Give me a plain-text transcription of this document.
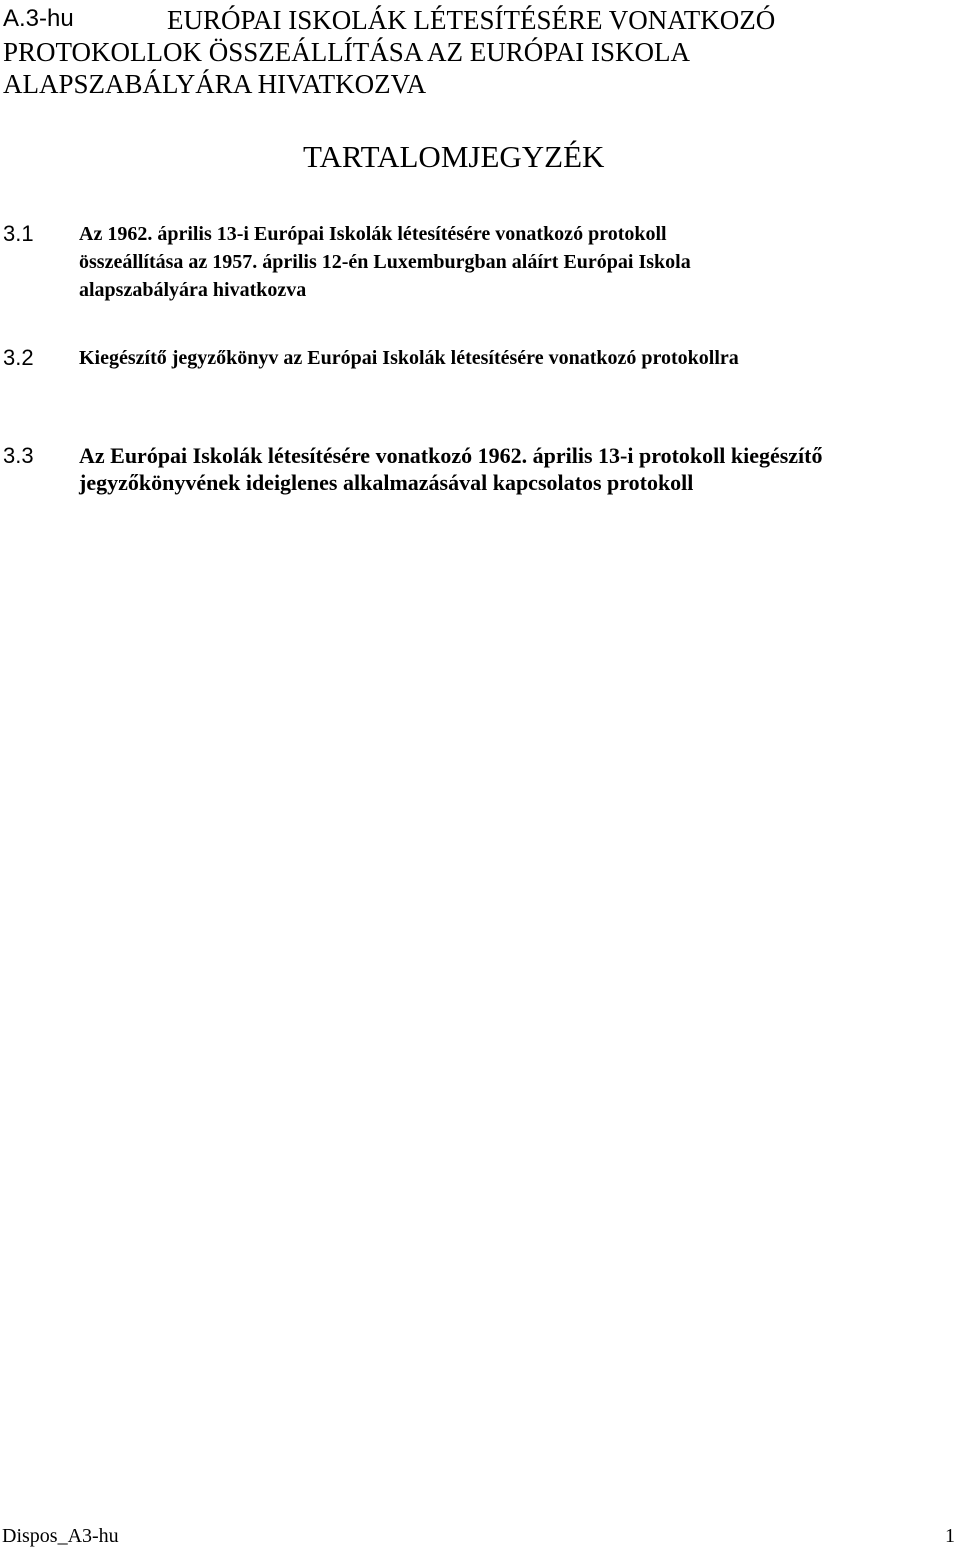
A.3-hu	EURÓPAI ISKOLÁK LÉTESÍTÉSÉRE VONATKOZÓ
PROTOKOLLOK ÖSSZEÁLLÍTÁSA AZ EURÓPAI ISKOLA
ALAPSZABÁLYÁRA HIVATKOZVA
TARTALOMJEGYZÉK
3.1 Az 1962. április 13-i Európai Iskolák létesítésére vonatkozó protokoll
összeállítása az 1957. április 12-én Luxemburgban aláírt Európai Iskola
alapszabályára hivatkozva
3.2 Kiegészítő jegyzőkönyv az Európai Iskolák létesítésére vonatkozó protokollra
3.3 Az Európai Iskolák létesítésére vonatkozó 1962. április 13-i protokoll kiegészítő
jegyzőkönyvének ideiglenes alkalmazásával kapcsolatos protokoll
Dispos_A3-hu	1
